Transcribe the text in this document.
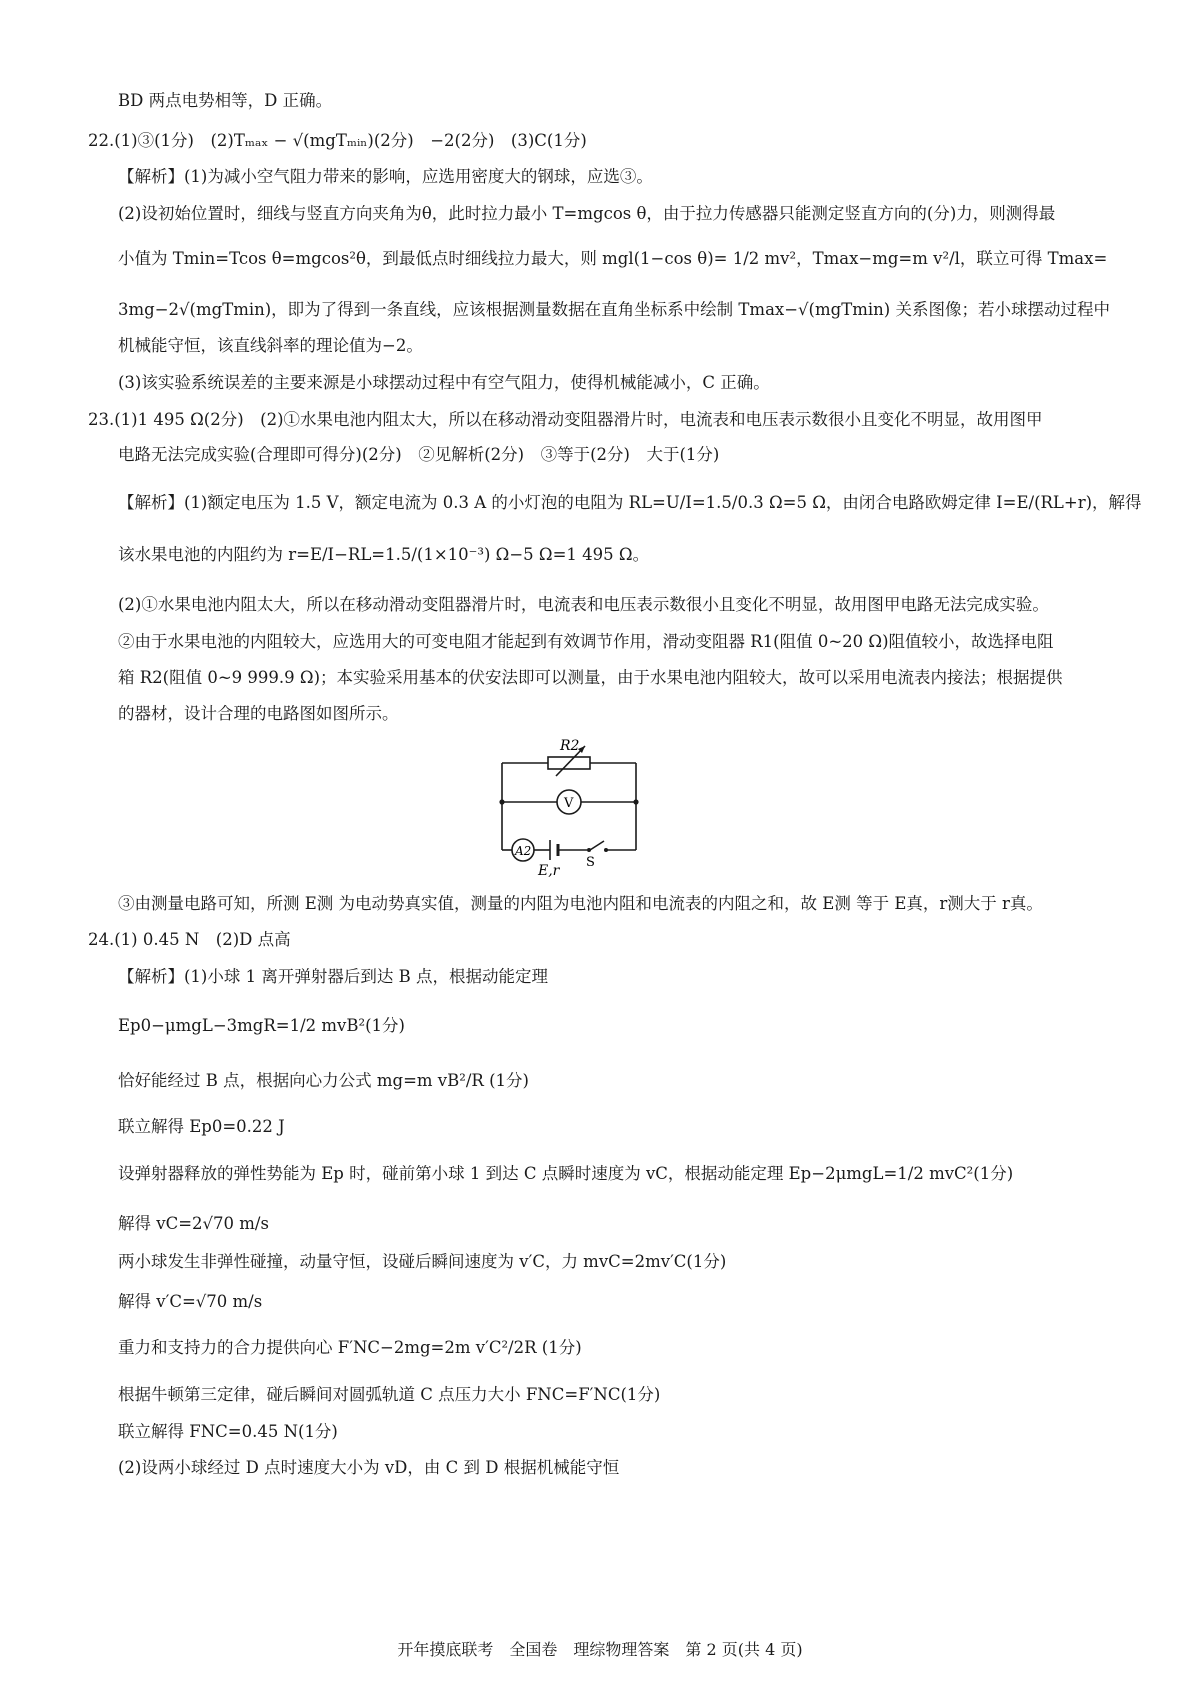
BD 两点电势相等，D 正确。
22.(1)③(1分)　(2)Tₘₐₓ − √(mgTₘᵢₙ)(2分)　−2(2分)　(3)C(1分)
【解析】(1)为减小空气阻力带来的影响，应选用密度大的钢球，应选③。
(2)设初始位置时，细线与竖直方向夹角为θ，此时拉力最小 T=mgcos θ，由于拉力传感器只能测定竖直方向的(分)力，则测得最
小值为 Tmin=Tcos θ=mgcos²θ，到最低点时细线拉力最大，则 mgl(1−cos θ)= 1/2 mv²，Tmax−mg=m v²/l，联立可得 Tmax=
3mg−2√(mgTmin)，即为了得到一条直线，应该根据测量数据在直角坐标系中绘制 Tmax−√(mgTmin) 关系图像；若小球摆动过程中
机械能守恒，该直线斜率的理论值为−2。
(3)该实验系统误差的主要来源是小球摆动过程中有空气阻力，使得机械能减小，C 正确。
23.(1)1 495 Ω(2分)　(2)①水果电池内阻太大，所以在移动滑动变阻器滑片时，电流表和电压表示数很小且变化不明显，故用图甲
电路无法完成实验(合理即可得分)(2分)　②见解析(2分)　③等于(2分)　大于(1分)
【解析】(1)额定电压为 1.5 V，额定电流为 0.3 A 的小灯泡的电阻为 RL=U/I=1.5/0.3 Ω=5 Ω，由闭合电路欧姆定律 I=E/(RL+r)，解得
该水果电池的内阻约为 r=E/I−RL=1.5/(1×10⁻³) Ω−5 Ω=1 495 Ω。
(2)①水果电池内阻太大，所以在移动滑动变阻器滑片时，电流表和电压表示数很小且变化不明显，故用图甲电路无法完成实验。
②由于水果电池的内阻较大，应选用大的可变电阻才能起到有效调节作用，滑动变阻器 R1(阻值 0~20 Ω)阻值较小，故选择电阻
箱 R2(阻值 0~9 999.9 Ω)；本实验采用基本的伏安法即可以测量，由于水果电池内阻较大，故可以采用电流表内接法；根据提供
的器材，设计合理的电路图如图所示。
R2
V
A2
E,r
S
③由测量电路可知，所测 E测 为电动势真实值，测量的内阻为电池内阻和电流表的内阻之和，故 E测 等于 E真，r测大于 r真。
24.(1) 0.45 N　(2)D 点高
【解析】(1)小球 1 离开弹射器后到达 B 点，根据动能定理
Ep0−μmgL−3mgR=1/2 mvB²(1分)
恰好能经过 B 点，根据向心力公式 mg=m vB²/R (1分)
联立解得 Ep0=0.22 J
设弹射器释放的弹性势能为 Ep 时，碰前第小球 1 到达 C 点瞬时速度为 vC，根据动能定理 Ep−2μmgL=1/2 mvC²(1分)
解得 vC=2√70 m/s
两小球发生非弹性碰撞，动量守恒，设碰后瞬间速度为 v′C，力 mvC=2mv′C(1分)
解得 v′C=√70 m/s
重力和支持力的合力提供向心 F′NC−2mg=2m v′C²/2R (1分)
根据牛顿第三定律，碰后瞬间对圆弧轨道 C 点压力大小 FNC=F′NC(1分)
联立解得 FNC=0.45 N(1分)
(2)设两小球经过 D 点时速度大小为 vD，由 C 到 D 根据机械能守恒
开年摸底联考　全国卷　理综物理答案　第 2 页(共 4 页)
